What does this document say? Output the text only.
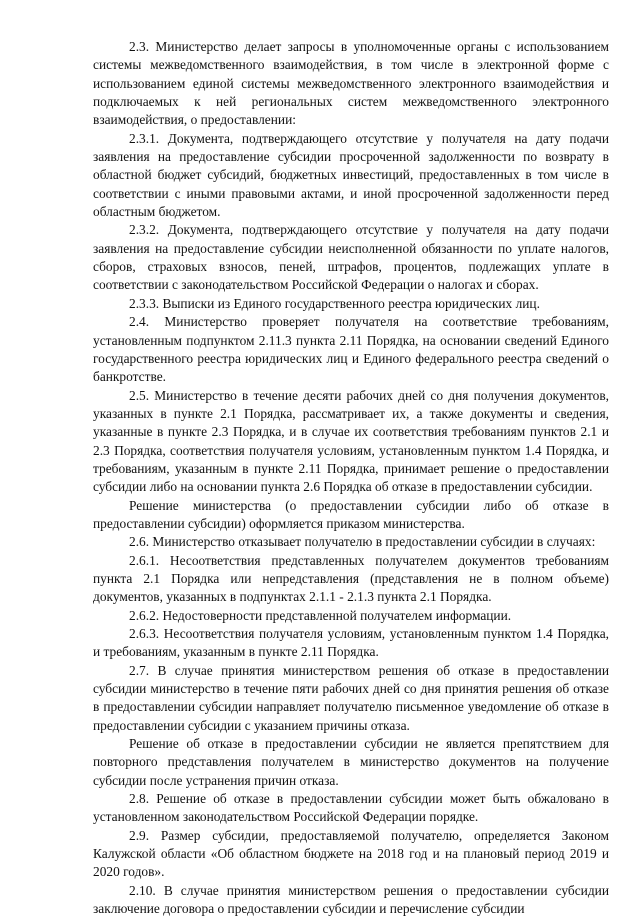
2.3. Министерство делает запросы в уполномоченные органы с использованием системы межведомственного взаимодействия, в том числе в электронной форме с использованием единой системы межведомственного электронного взаимодействия и подключаемых к ней региональных систем межведомственного электронного взаимодействия, о предоставлении:

2.3.1. Документа, подтверждающего отсутствие у получателя на дату подачи заявления на предоставление субсидии просроченной задолженности по возврату в областной бюджет субсидий, бюджетных инвестиций, предоставленных в том числе в соответствии с иными правовыми актами, и иной просроченной задолженности перед областным бюджетом.

2.3.2. Документа, подтверждающего отсутствие у получателя на дату подачи заявления на предоставление субсидии неисполненной обязанности по уплате налогов, сборов, страховых взносов, пеней, штрафов, процентов, подлежащих уплате в соответствии с законодательством Российской Федерации о налогах и сборах.

2.3.3. Выписки из Единого государственного реестра юридических лиц.

2.4. Министерство проверяет получателя на соответствие требованиям, установленным подпунктом 2.11.3 пункта 2.11 Порядка, на основании сведений Единого государственного реестра юридических лиц и Единого федерального реестра сведений о банкротстве.

2.5. Министерство в течение десяти рабочих дней со дня получения документов, указанных в пункте 2.1 Порядка, рассматривает их, а также документы и сведения, указанные в пункте 2.3 Порядка, и в случае их соответствия требованиям пунктов 2.1 и 2.3 Порядка, соответствия получателя условиям, установленным пунктом 1.4 Порядка, и требованиям, указанным в пункте 2.11 Порядка, принимает решение о предоставлении субсидии либо на основании пункта 2.6 Порядка об отказе в предоставлении субсидии.

Решение министерства (о предоставлении субсидии либо об отказе в предоставлении субсидии) оформляется приказом министерства.

2.6. Министерство отказывает получателю в предоставлении субсидии в случаях:

2.6.1. Несоответствия представленных получателем документов требованиям пункта 2.1 Порядка или непредставления (представления не в полном объеме) документов, указанных в подпунктах 2.1.1 - 2.1.3 пункта 2.1 Порядка.

2.6.2. Недостоверности представленной получателем информации.

2.6.3. Несоответствия получателя условиям, установленным пунктом 1.4 Порядка, и требованиям, указанным в пункте 2.11 Порядка.

2.7. В случае принятия министерством решения об отказе в предоставлении субсидии министерство в течение пяти рабочих дней со дня принятия решения об отказе в предоставлении субсидии направляет получателю письменное уведомление об отказе в предоставлении субсидии с указанием причины отказа.

Решение об отказе в предоставлении субсидии не является препятствием для повторного представления получателем в министерство документов на получение субсидии после устранения причин отказа.

2.8. Решение об отказе в предоставлении субсидии может быть обжаловано в установленном законодательством Российской Федерации порядке.

2.9. Размер субсидии, предоставляемой получателю, определяется Законом Калужской области «Об областном бюджете на 2018 год и на плановый период 2019 и 2020 годов».

2.10. В случае принятия министерством решения о предоставлении субсидии заключение договора о предоставлении субсидии и перечисление субсидии
